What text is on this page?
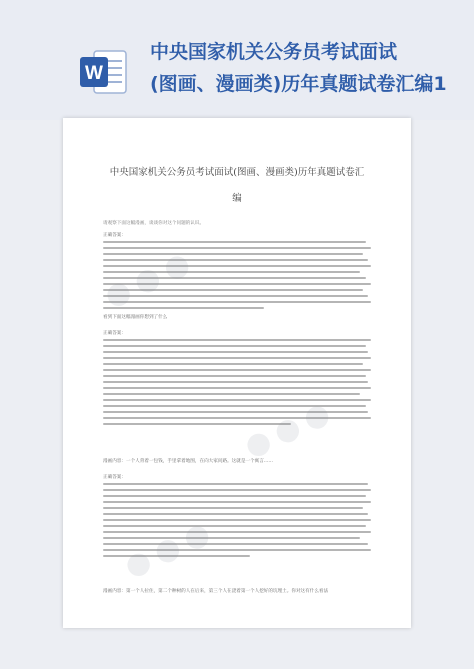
W
中央国家机关公务员考试面试
(图画、漫画类)历年真题试卷汇编1
中央国家机关公务员考试面试(图画、漫画类)历年真题试卷汇
编
请观察下面这幅漫画，谈谈你对这个问题的认识。
正确答案：
看到下面这幅漫画你想到了什么
正确答案：
漫画内容：一个人背着一包钱，手里拿着地图，在向大家问路。这就是一个寓言……
正确答案：
漫画内容：第一个人拉住，第二个种树的人在后来，第三个人在浇着第一个人挖好的坑埋土。你对这有什么看法
⬤ ⬤ ⬤
⬤ ⬤ ⬤
